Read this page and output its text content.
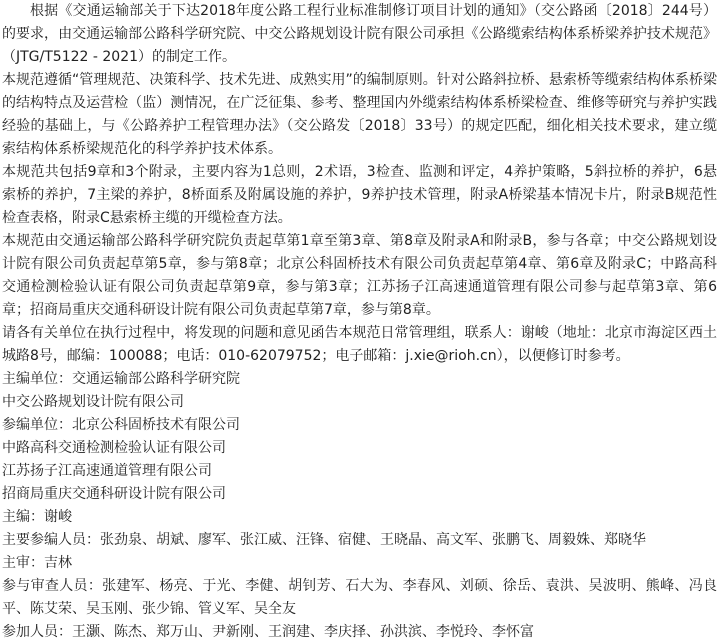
根据《交通运输部关于下达2018年度公路工程行业标准制修订项目计划的通知》（交公路函〔2018〕244号）的要求，由交通运输部公路科学研究院、中交公路规划设计院有限公司承担《公路缆索结构体系桥梁养护技术规范》（JTG/T5122 - 2021）的制定工作。

本规范遵循“管理规范、决策科学、技术先进、成熟实用”的编制原则。针对公路斜拉桥、悬索桥等缆索结构体系桥梁的结构特点及运营检（监）测情况，在广泛征集、参考、整理国内外缆索结构体系桥梁检查、维修等研究与养护实践经验的基础上，与《公路养护工程管理办法》（交公路发〔2018〕33号）的规定匹配，细化相关技术要求，建立缆索结构体系桥梁规范化的科学养护技术体系。

本规范共包括9章和3个附录，主要内容为1总则，2术语，3检查、监测和评定，4养护策略，5斜拉桥的养护，6悬索桥的养护，7主梁的养护，8桥面系及附属设施的养护，9养护技术管理，附录A桥梁基本情况卡片，附录B规范性检查表格，附录C悬索桥主缆的开缆检查方法。

本规范由交通运输部公路科学研究院负责起草第1章至第3章、第8章及附录A和附录B，参与各章；中交公路规划设计院有限公司负责起草第5章，参与第8章；北京公科固桥技术有限公司负责起草第4章、第6章及附录C；中路高科交通检测检验认证有限公司负责起草第9章，参与第3章；江苏扬子江高速通道管理有限公司参与起草第3章、第6章；招商局重庆交通科研设计院有限公司负责起草第7章，参与第8章。

请各有关单位在执行过程中，将发现的问题和意见函告本规范日常管理组，联系人：谢峻（地址：北京市海淀区西土城路8号，邮编：100088；电话：010-62079752；电子邮箱：j.xie@rioh.cn），以便修订时参考。

主编单位：交通运输部公路科学研究院

中交公路规划设计院有限公司

参编单位：北京公科固桥技术有限公司

中路高科交通检测检验认证有限公司

江苏扬子江高速通道管理有限公司

招商局重庆交通科研设计院有限公司

主编：谢峻

主要参编人员：张劲泉、胡斌、廖军、张江威、汪锋、宿健、王晓晶、高文军、张鹏飞、周毅姝、郑晓华

主审：吉林

参与审查人员：张建军、杨亮、于光、李健、胡钊芳、石大为、李春风、刘硕、徐岳、袁洪、吴波明、熊峰、冯良平、陈艾荣、吴玉刚、张少锦、管义军、吴全友

参加人员：王灏、陈杰、郑万山、尹新刚、王润建、李庆择、孙洪滨、李悦玲、李怀富
